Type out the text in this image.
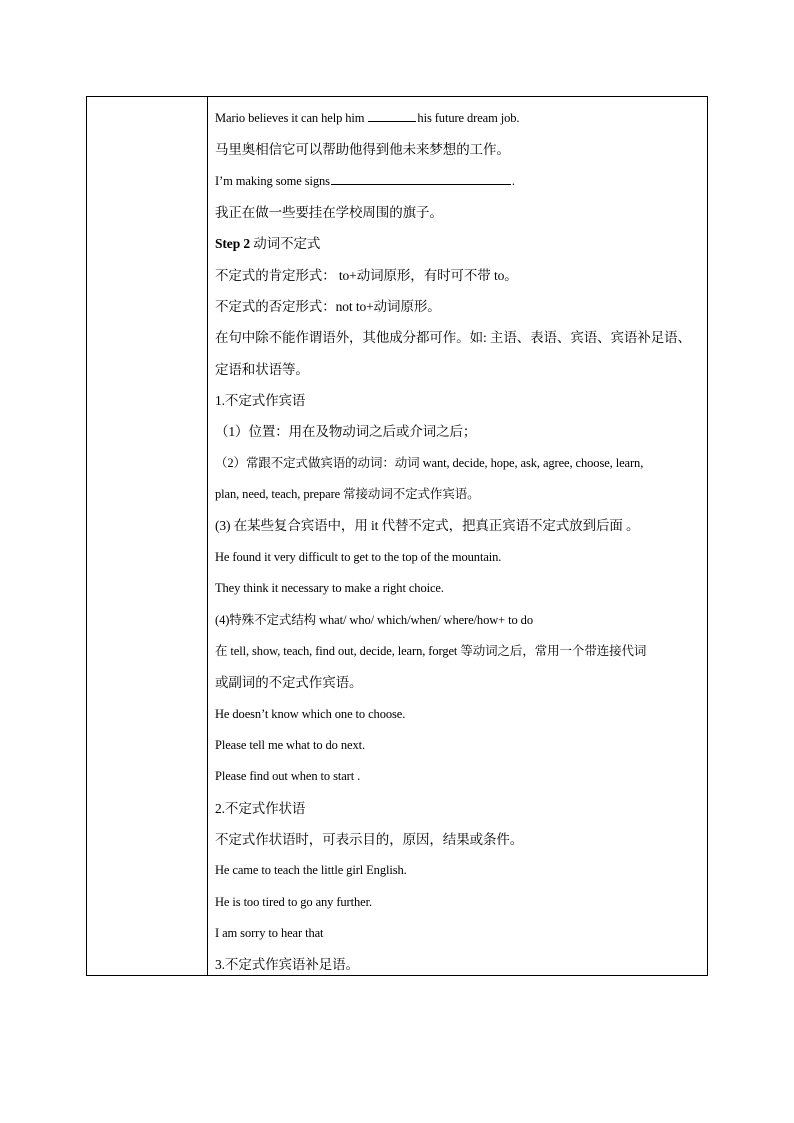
Mario believes it can help him	his future dream job.
马里奥相信它可以帮助他得到他未来梦想的工作。
I’m making some signs	.
我正在做一些要挂在学校周围的旗子。
Step 2 动词不定式
不定式的肯定形式： to+动词原形，有时可不带 to。
不定式的否定形式：not to+动词原形。
在句中除不能作谓语外，其他成分都可作。如: 主语、表语、宾语、宾语补足语、
定语和状语等。
1.不定式作宾语
（1）位置：用在及物动词之后或介词之后；
（2）常跟不定式做宾语的动词：动词 want, decide, hope, ask, agree, choose, learn,
plan, need, teach, prepare 常接动词不定式作宾语。
(3) 在某些复合宾语中，用 it 代替不定式，把真正宾语不定式放到后面 。
He found it very difficult to get to the top of the mountain.
They think it necessary to make a right choice.
(4)特殊不定式结构 what/ who/ which/when/ where/how+ to do
在 tell, show, teach, find out, decide, learn, forget 等动词之后，常用一个带连接代词
或副词的不定式作宾语。
He doesn’t know which one to choose.
Please tell me what to do next.
Please find out when to start .
2.不定式作状语
不定式作状语时，可表示目的，原因，结果或条件。
He came to teach the little girl English.
He is too tired to go any further.
I am sorry to hear that
3.不定式作宾语补足语。
